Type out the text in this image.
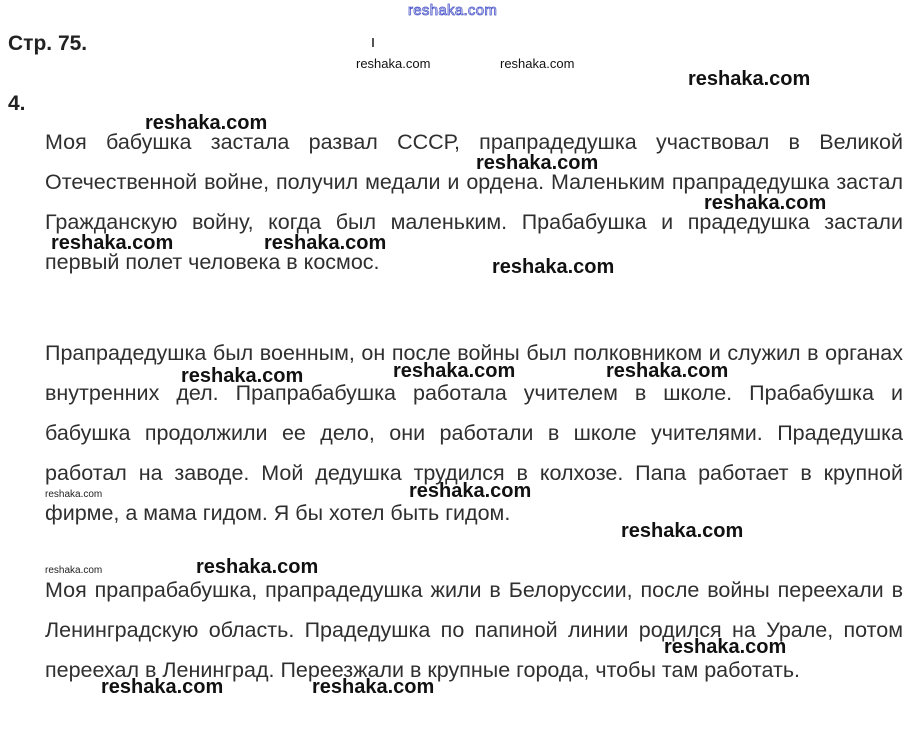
Стр. 75.
4.

Моя бабушка застала развал СССР, прапрадедушка участвовал в Великой Отечественной войне, получил медали и ордена. Маленьким прапрадедушка застал Гражданскую войну, когда был маленьким. Прабабушка и прадедушка застали первый полет человека в космос.

Прапрадедушка был военным, он после войны был полковником и служил в органах внутренних дел. Прапрабабушка работала учителем в школе. Прабабушка и бабушка продолжили ее дело, они работали в школе учителями. Прадедушка работал на заводе. Мой дедушка трудился в колхозе. Папа работает в крупной фирме, а мама гидом. Я бы хотел быть гидом.

Моя прапрабабушка, прапрадедушка жили в Белоруссии, после войны переехали в Ленинградскую область. Прадедушка по папиной линии родился на Урале, потом переехал в Ленинград. Переезжали в крупные города, чтобы там работать.

reshaka.com
reshaka.com	reshaka.com
reshaka.com
reshaka.com
reshaka.com
reshaka.com
reshaka.com	reshaka.com
reshaka.com
reshaka.com	reshaka.com	reshaka.com
reshaka.com	reshaka.com
reshaka.com
reshaka.com	reshaka.com
reshaka.com
reshaka.com	reshaka.com
